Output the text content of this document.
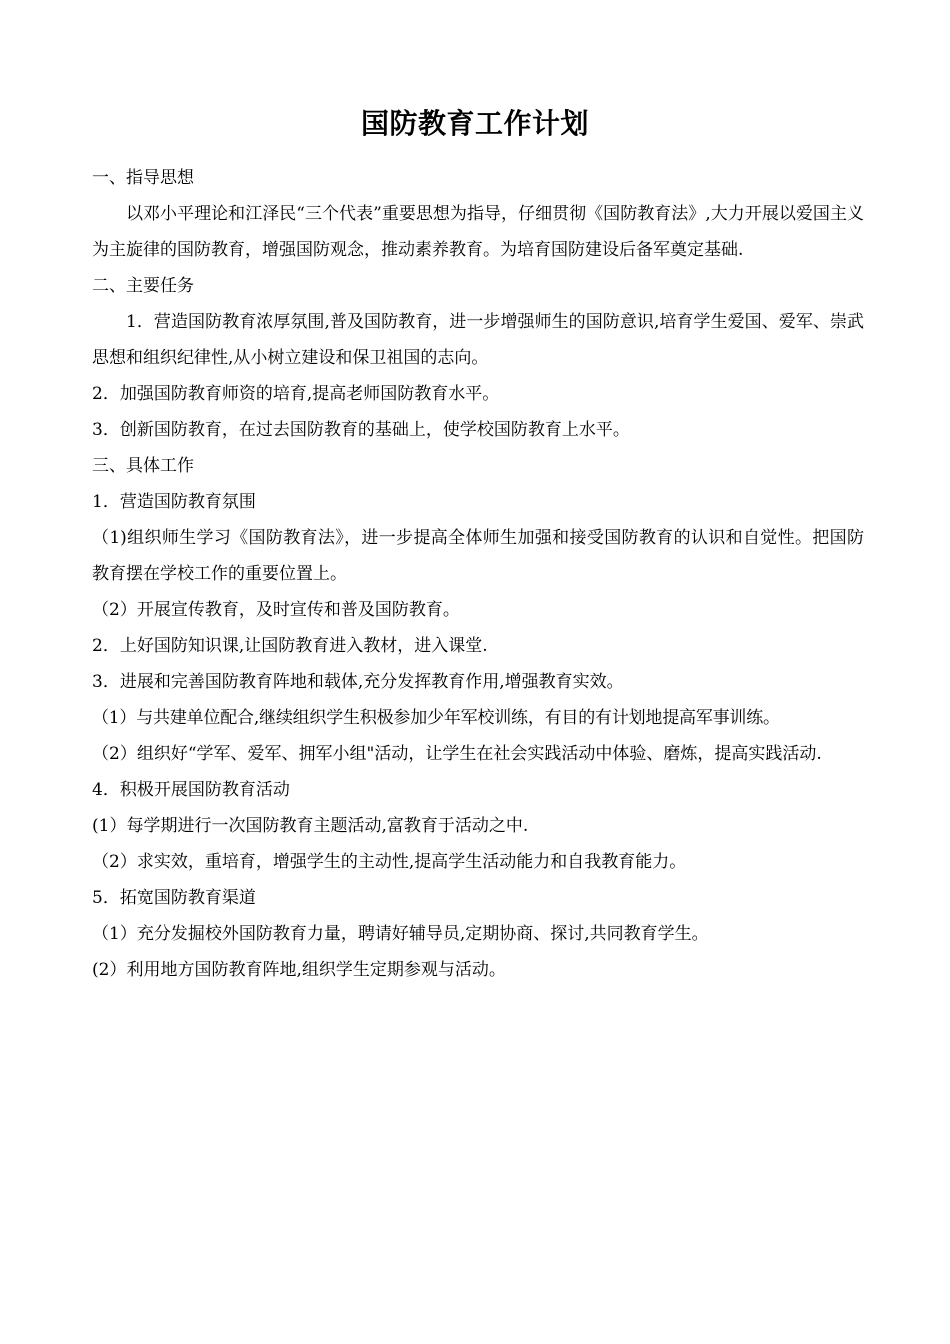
国防教育工作计划

一、指导思想

以邓小平理论和江泽民“三个代表”重要思想为指导，仔细贯彻《国防教育法》,大力开展以爱国主义为主旋律的国防教育，增强国防观念，推动素养教育。为培育国防建设后备军奠定基础.

二、主要任务

1．营造国防教育浓厚氛围,普及国防教育，进一步增强师生的国防意识,培育学生爱国、爱军、崇武思想和组织纪律性,从小树立建设和保卫祖国的志向。

2．加强国防教育师资的培育,提高老师国防教育水平。

3．创新国防教育，在过去国防教育的基础上，使学校国防教育上水平。

三、具体工作

1．营造国防教育氛围

（1)组织师生学习《国防教育法》，进一步提高全体师生加强和接受国防教育的认识和自觉性。把国防教育摆在学校工作的重要位置上。

（2）开展宣传教育，及时宣传和普及国防教育。

2．上好国防知识课,让国防教育进入教材，进入课堂.

3．进展和完善国防教育阵地和载体,充分发挥教育作用,增强教育实效。

（1）与共建单位配合,继续组织学生积极参加少年军校训练，有目的有计划地提高军事训练。

（2）组织好“学军、爱军、拥军小组"活动，让学生在社会实践活动中体验、磨炼，提高实践活动.

4．积极开展国防教育活动

(1）每学期进行一次国防教育主题活动,富教育于活动之中.

（2）求实效，重培育，增强学生的主动性,提高学生活动能力和自我教育能力。

5．拓宽国防教育渠道

（1）充分发掘校外国防教育力量，聘请好辅导员,定期协商、探讨,共同教育学生。

(2）利用地方国防教育阵地,组织学生定期参观与活动。
